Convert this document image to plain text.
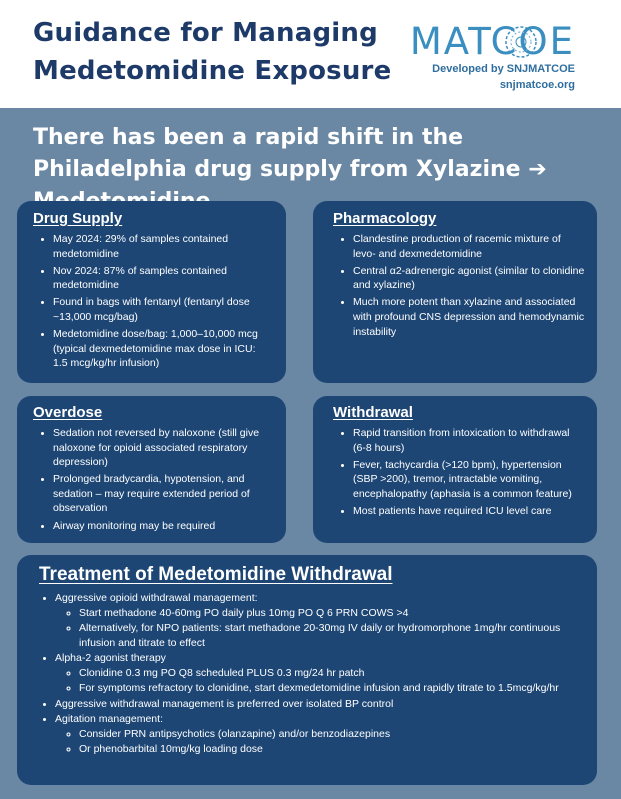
Guidance for Managing
Medetomidine Exposure
MATCOE
Developed by SNJMATCOE
snjmatcoe.org
There has been a rapid shift in the Philadelphia drug supply from Xylazine ➔
Drug Supply
• May 2024: 29% of samples contained medetomidine
• Nov 2024: 87% of samples contained medetomidine
• Found in bags with fentanyl (fentanyl dose ~13,000 mcg/bag)
• Medetomidine dose/bag: 1,000–10,000 mcg (typical dexmedetomidine max dose in ICU: 1.5 mcg/kg/hr infusion)
Pharmacology
• Clandestine production of racemic mixture of levo- and dexmedetomidine
• Central α2-adrenergic agonist (similar to clonidine and xylazine)
• Much more potent than xylazine and associated with profound CNS depression and hemodynamic instability
Overdose
• Sedation not reversed by naloxone (still give naloxone for opioid associated respiratory depression)
• Prolonged bradycardia, hypotension, and sedation – may require extended period of observation
• Airway monitoring may be required
Withdrawal
• Rapid transition from intoxication to withdrawal (6-8 hours)
• Fever, tachycardia (>120 bpm), hypertension (SBP >200), tremor, intractable vomiting, encephalopathy (aphasia is a common feature)
• Most patients have required ICU level care
Treatment of Medetomidine Withdrawal
• Aggressive opioid withdrawal management:
◦ Start methadone 40-60mg PO daily plus 10mg PO Q 6 PRN COWS >4
◦ Alternatively, for NPO patients: start methadone 20-30mg IV daily or hydromorphone 1mg/hr continuous infusion and titrate to effect
• Alpha-2 agonist therapy
◦ Clonidine 0.3 mg PO Q8 scheduled PLUS 0.3 mg/24 hr patch
◦ For symptoms refractory to clonidine, start dexmedetomidine infusion and rapidly titrate to 1.5mcg/kg/hr
• Aggressive withdrawal management is preferred over isolated BP control
• Agitation management:
◦ Consider PRN antipsychotics (olanzapine) and/or benzodiazepines
◦ Or phenobarbital 10mg/kg loading dose
